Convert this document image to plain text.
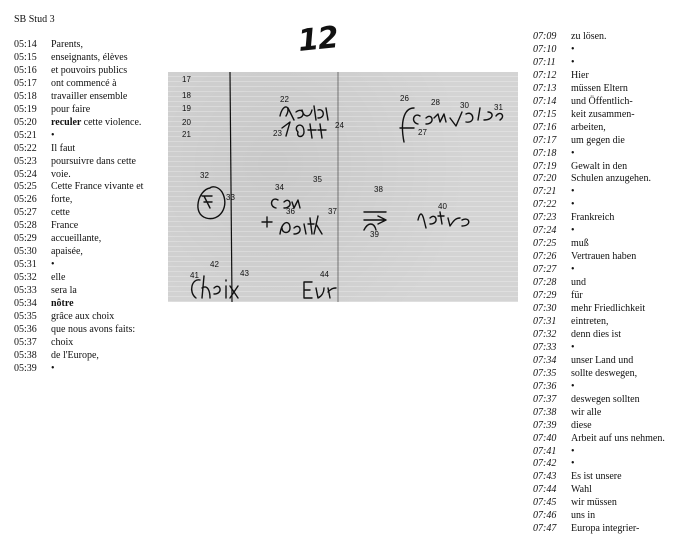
SB Stud 3
12
05:14	Parents,
05:15	enseignants, élèves
05:16	et pouvoirs publics
05:17	ont commencé à
05:18	travailler ensemble
05:19	pour faire
05:20	reculer cette violence.
05:21	•
05:22	Il faut
05:23	poursuivre dans cette
05:24	voie.
05:25	Cette France vivante et
05:26	forte,
05:27	cette
05:28	France
05:29	accueillante,
05:30	apaisée,
05:31	•
05:32	elle
05:33	sera la
05:34	nôtre
05:35	grâce aux choix
05:36	que nous avons faits:
05:37	choix
05:38	de l'Europe,
05:39	•
07:09	zu lösen.
07:10	•
07:11	•
07:12	Hier
07:13	müssen Eltern
07:14	und Öffentlich-
07:15	keit zusammen-
07:16	arbeiten,
07:17	um gegen die
07:18	•
07:19	Gewalt in den
07:20	Schulen anzugehen.
07:21	•
07:22	•
07:23	Frankreich
07:24	•
07:25	muß
07:26	Vertrauen haben
07:27	•
07:28	und
07:29	für
07:30	mehr Friedlichkeit
07:31	eintreten,
07:32	denn dies ist
07:33	•
07:34	unser Land und
07:35	sollte deswegen,
07:36	•
07:37	deswegen sollten
07:38	wir alle
07:39	diese
07:40	Arbeit auf uns nehmen.
07:41	•
07:42	•
07:43	Es ist unsere
07:44	Wahl
07:45	wir müssen
07:46	uns in
07:47	Europa integrier-
17
18
19
20
21
22
23
24
26
27
28	30	31
32
33
34
35
36	37
38
39
40
41
42
43	44
